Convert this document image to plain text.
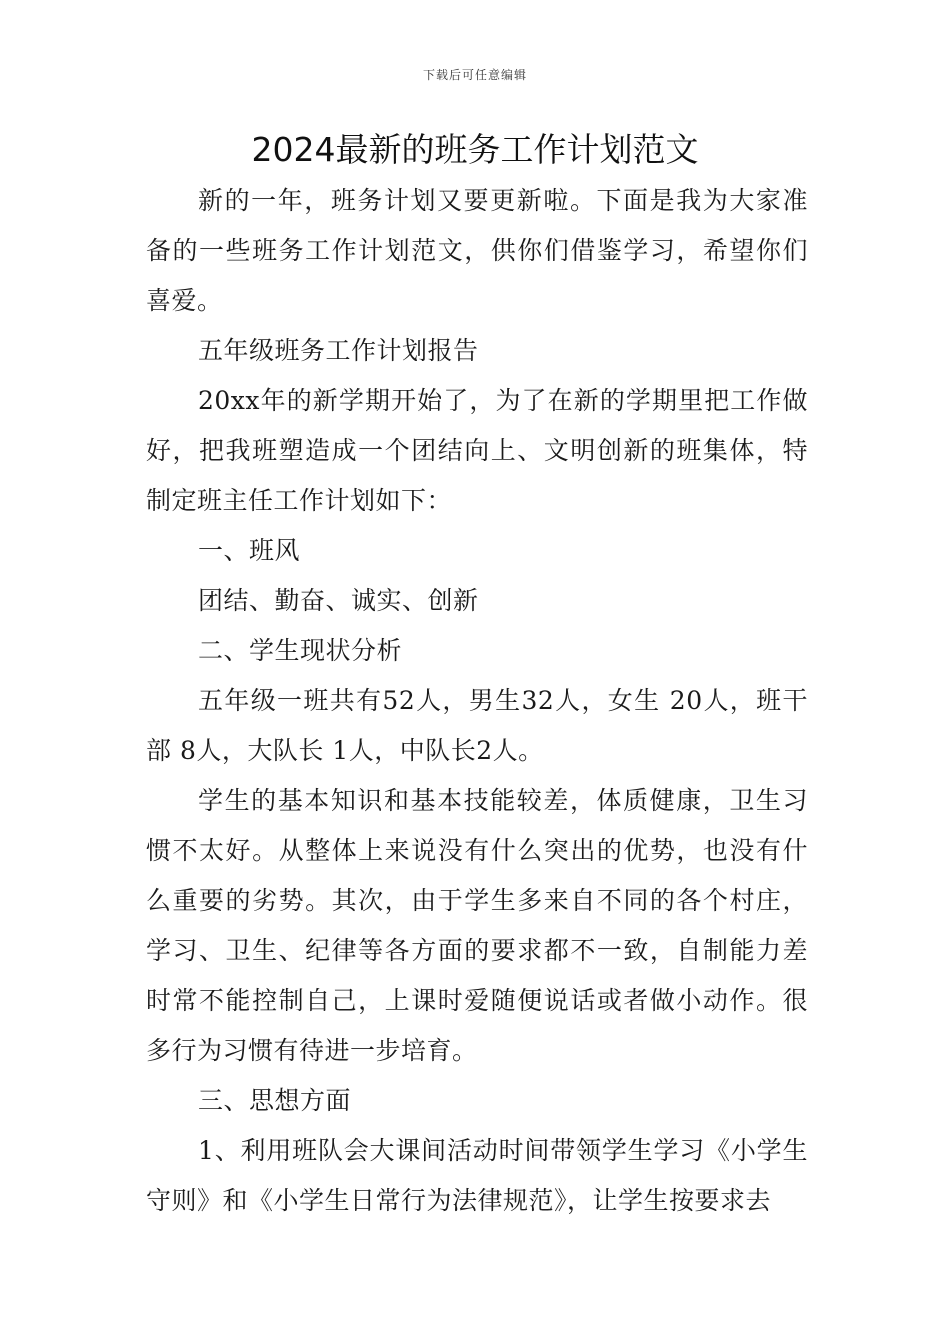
下载后可任意编辑
2024最新的班务工作计划范文

新的一年，班务计划又要更新啦。下面是我为大家准备的一些班务工作计划范文，供你们借鉴学习，希望你们喜爱。

五年级班务工作计划报告

20xx年的新学期开始了，为了在新的学期里把工作做好，把我班塑造成一个团结向上、文明创新的班集体，特制定班主任工作计划如下：

一、班风

团结、勤奋、诚实、创新

二、学生现状分析

五年级一班共有52人，男生32人，女生 20人，班干部 8人，大队长 1人，中队长2人。

学生的基本知识和基本技能较差，体质健康，卫生习惯不太好。从整体上来说没有什么突出的优势，也没有什么重要的劣势。其次，由于学生多来自不同的各个村庄，学习、卫生、纪律等各方面的要求都不一致，自制能力差时常不能控制自己，上课时爱随便说话或者做小动作。很多行为习惯有待进一步培育。

三、思想方面

1、利用班队会大课间活动时间带领学生学习《小学生守则》和《小学生日常行为法律规范》，让学生按要求去
